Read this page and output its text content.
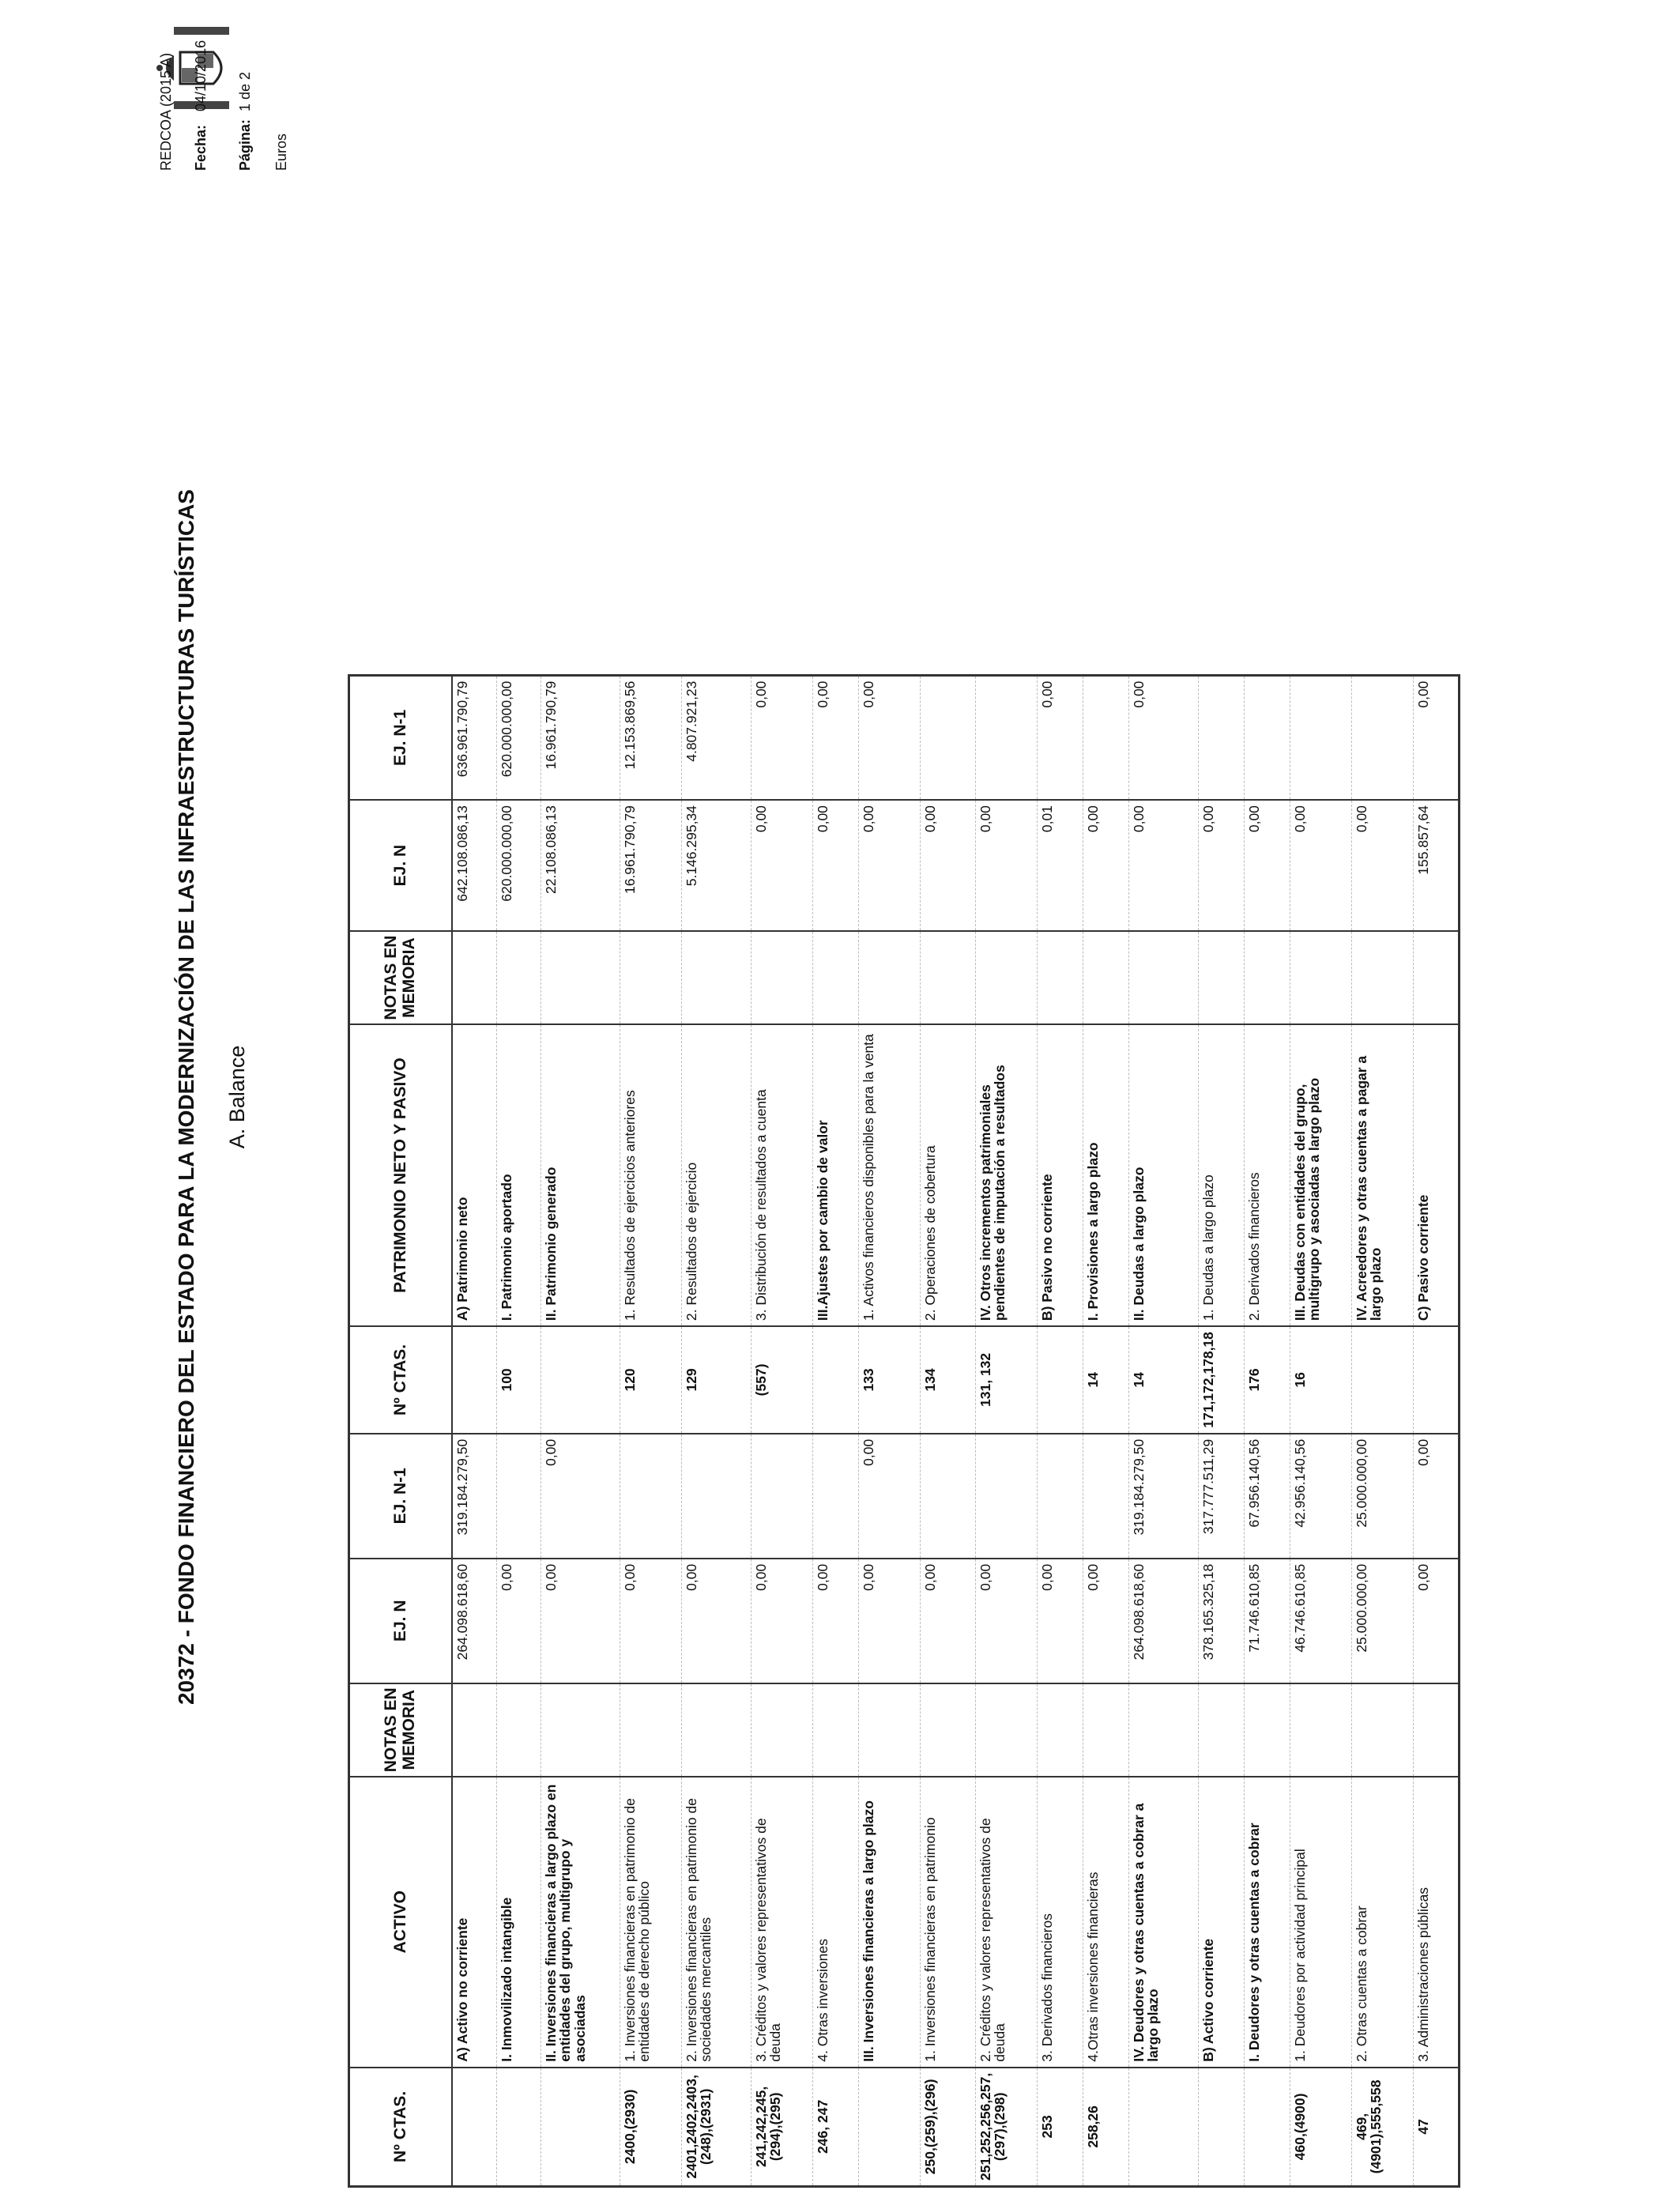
REDCOA (2015 A) Fecha: 04/10/2016
Página: 1 de 2
Euros
20372 - FONDO FINANCIERO DEL ESTADO PARA LA MODERNIZACIÓN DE LAS INFRAESTRUCTURAS TURÍSTICAS A. Balance
Nº CTAS.	ACTIVO	NOTAS EN MEMORIA	EJ. N	EJ. N-1	Nº CTAS.	PATRIMONIO NETO Y PASIVO	NOTAS EN MEMORIA	EJ. N	EJ. N-1
	A) Activo no corriente		264.098.618,60	319.184.279,50		A) Patrimonio neto		642.108.086,13	636.961.790,79
	I. Inmovilizado intangible		0,00		100	I. Patrimonio aportado		620.000.000,00	620.000.000,00
	II. Inversiones financieras a largo plazo en entidades del grupo, multigrupo y asociadas		0,00	0,00		II. Patrimonio generado		22.108.086,13	16.961.790,79
2400,(2930)	1. Inversiones financieras en patrimonio de entidades de derecho público		0,00		120	1. Resultados de ejercicios anteriores		16.961.790,79	12.153.869,56
2401,2402,2403,(248),(2931)	2. Inversiones financieras en patrimonio de sociedades mercantiles		0,00		129	2. Resultados de ejercicio		5.146.295,34	4.807.921,23
241,242,245,(294),(295)	3. Créditos y valores representativos de deuda		0,00		(557)	3. Distribución de resultados a cuenta		0,00	0,00
246, 247	4. Otras inversiones		0,00			III.Ajustes por cambio de valor		0,00	0,00
	III. Inversiones financieras a largo plazo		0,00	0,00	133	1. Activos financieros disponibles para la venta		0,00	0,00
250,(259),(296)	1. Inversiones financieras en patrimonio		0,00		134	2. Operaciones de cobertura		0,00	
251,252,256,257,(297),(298)	2. Créditos y valores representativos de deuda		0,00		131, 132	IV. Otros incrementos patrimoniales pendientes de imputación a resultados		0,00	
253	3. Derivados financieros		0,00			B) Pasivo no corriente		0,01	0,00
258,26	4.Otras inversiones financieras		0,00		14	I. Provisiones a largo plazo		0,00	
	IV. Deudores y otras cuentas a cobrar a largo plazo		264.098.618,60	319.184.279,50	14	II. Deudas a largo plazo		0,00	0,00
	B) Activo corriente		378.165.325,18	317.777.511,29	171,172,178,18	1. Deudas a largo plazo		0,00	
	I. Deudores y otras cuentas a cobrar		71.746.610,85	67.956.140,56	176	2. Derivados financieros		0,00	
460,(4900)	1. Deudores por actividad principal		46.746.610,85	42.956.140,56	16	III. Deudas con entidades del grupo, multigrupo y asociadas a largo plazo		0,00	
469,(4901),555,558	2. Otras cuentas a cobrar		25.000.000,00	25.000.000,00		IV. Acreedores y otras cuentas a pagar a largo plazo		0,00	
47	3. Administraciones públicas		0,00	0,00		C) Pasivo corriente		155.857,64	0,00
